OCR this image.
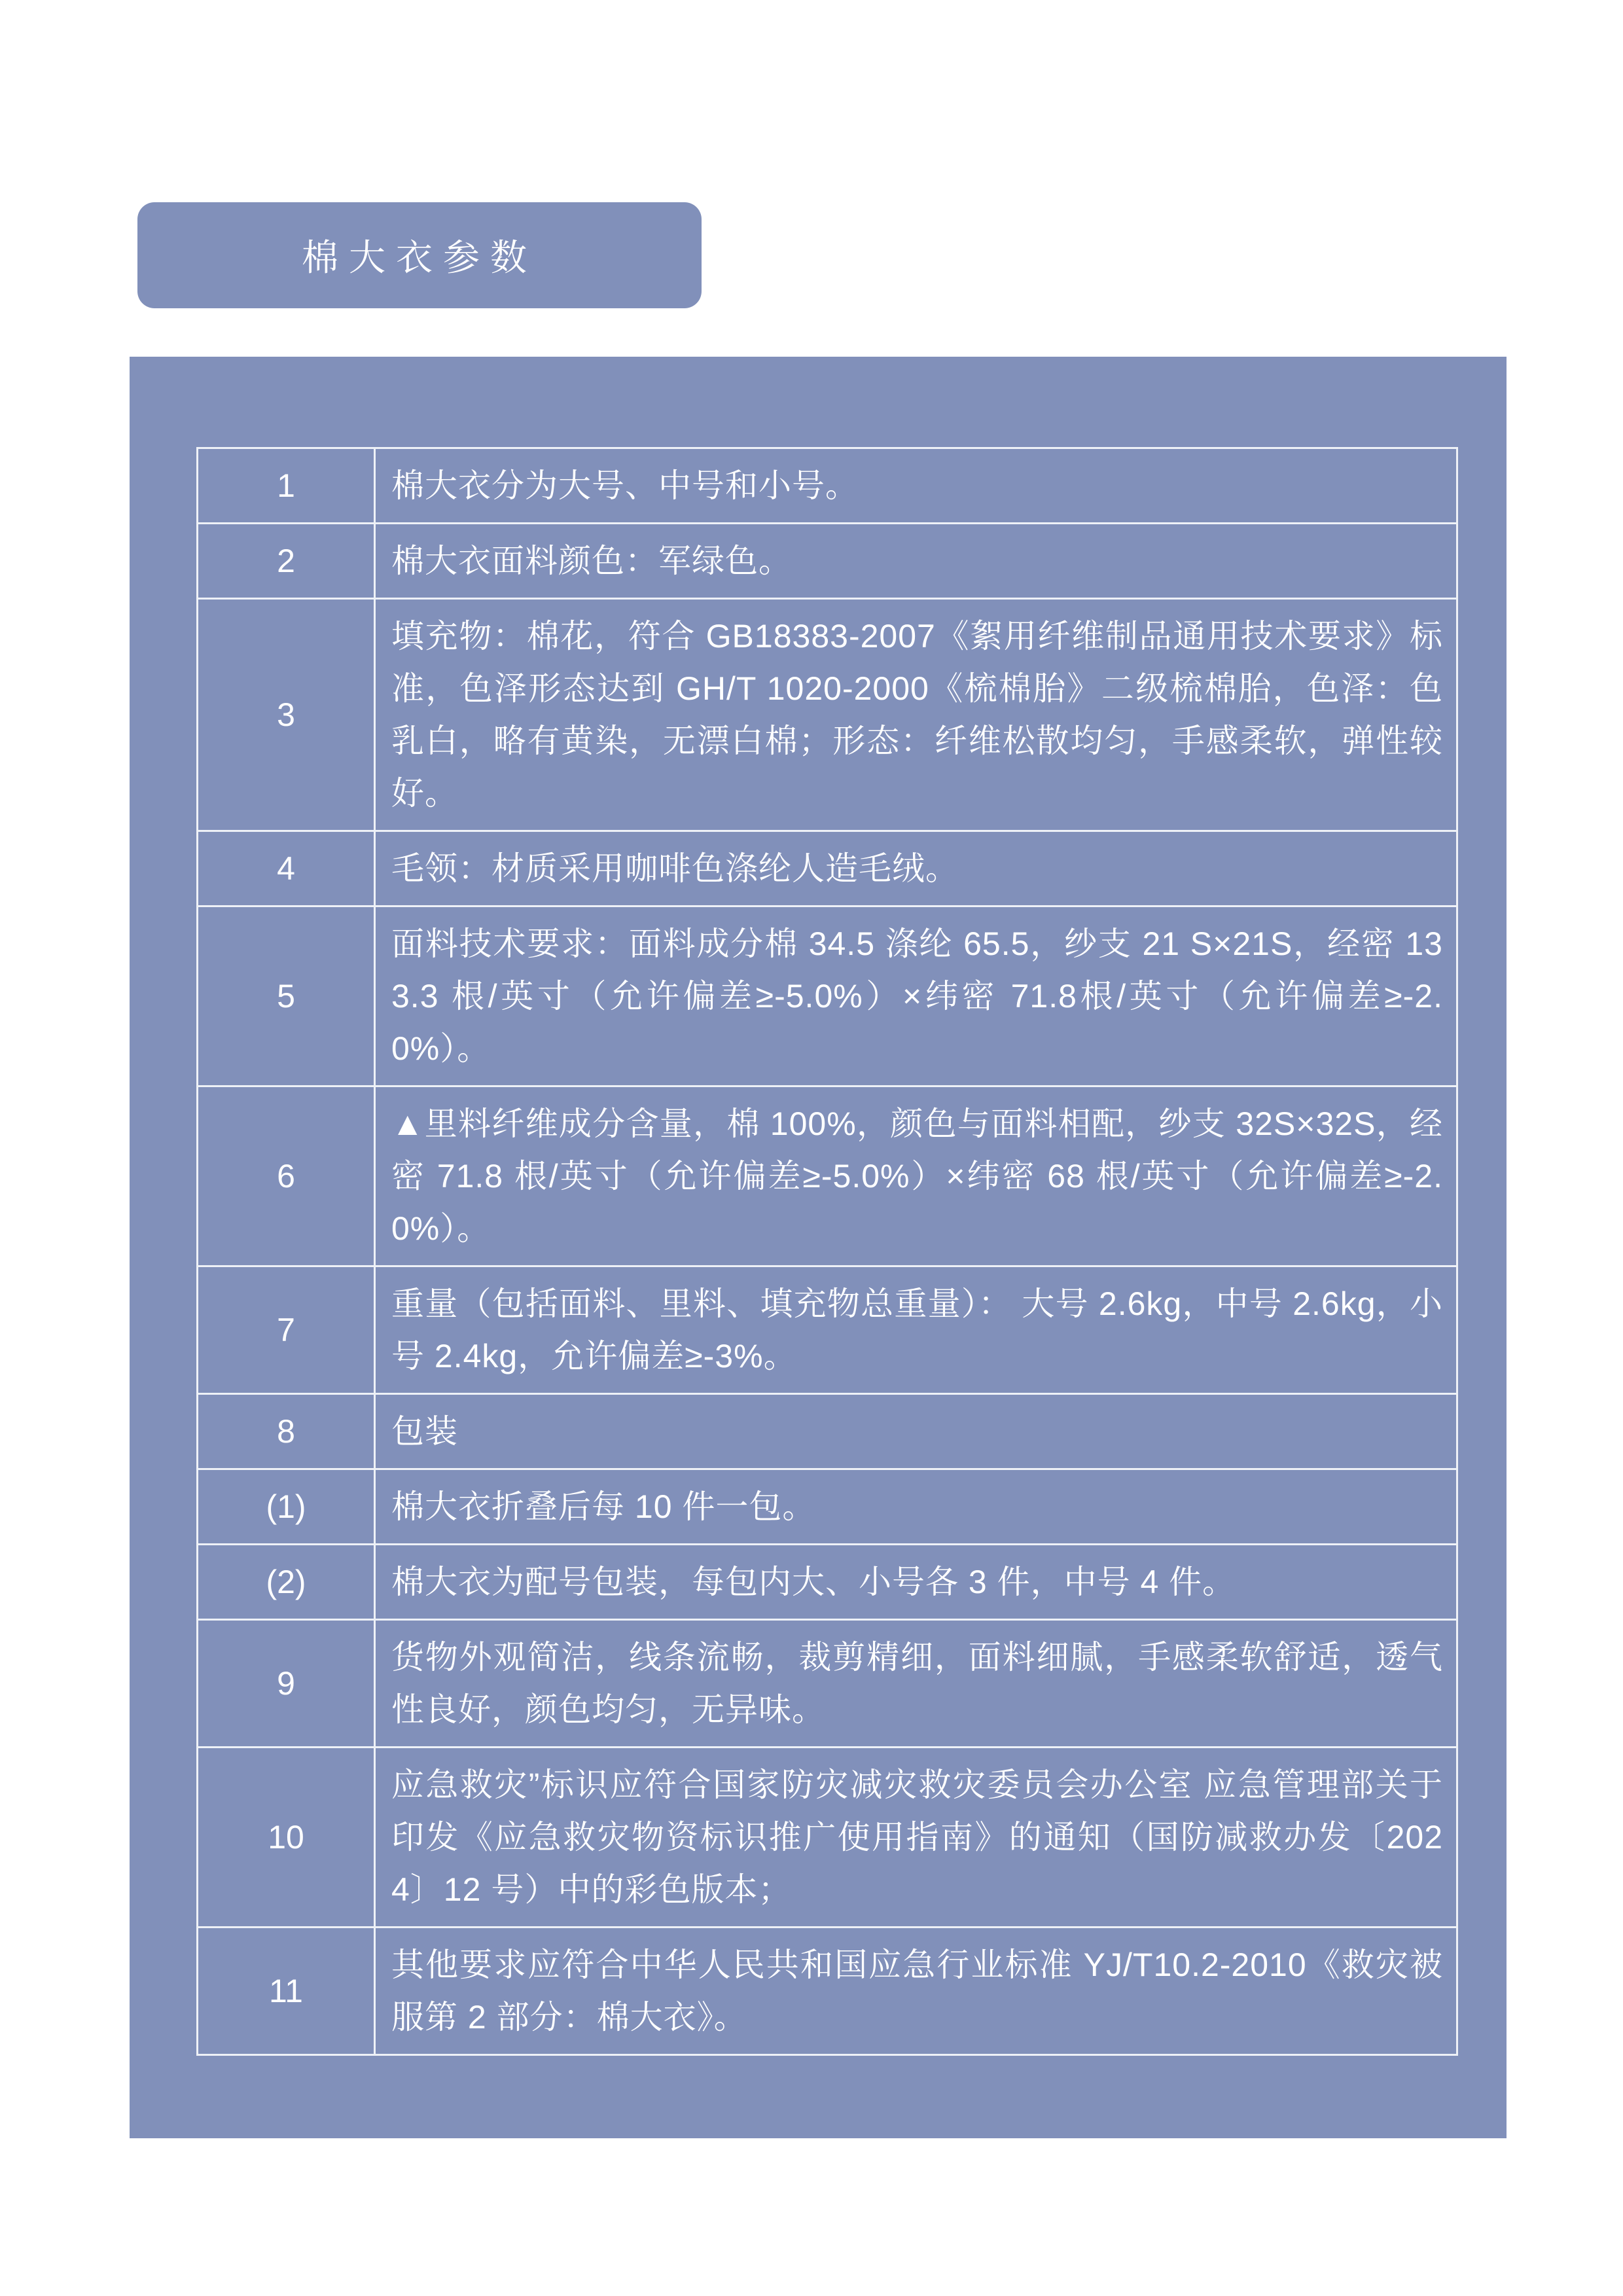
棉大衣参数
1	棉大衣分为大号、中号和小号。
2	棉大衣面料颜色：军绿色。
3	填充物：棉花，符合 GB18383-2007《絮用纤维制品通用技术要求》标准，色泽形态达到 GH/T 1020-2000《梳棉胎》二级梳棉胎，色泽：色乳白，略有黄染，无漂白棉；形态：纤维松散均匀，手感柔软，弹性较好。
4	毛领：材质采用咖啡色涤纶人造毛绒。
5	面料技术要求：面料成分棉 34.5 涤纶 65.5，纱支 21 S×21S，经密 133.3 根/英寸（允许偏差≥-5.0%）×纬密 71.8根/英寸（允许偏差≥-2.0%）。
6	▲里料纤维成分含量，棉 100%，颜色与面料相配，纱支 32S×32S，经密 71.8 根/英寸（允许偏差≥-5.0%）×纬密 68 根/英寸（允许偏差≥-2.0%）。
7	重量（包括面料、里料、填充物总重量）： 大号 2.6kg，中号 2.6kg，小号 2.4kg，允许偏差≥-3%。
8	包装
(1)	棉大衣折叠后每 10 件一包。
(2)	棉大衣为配号包装，每包内大、小号各 3 件，中号 4 件。
9	货物外观简洁，线条流畅，裁剪精细，面料细腻，手感柔软舒适，透气性良好，颜色均匀，无异味。
10	应急救灾”标识应符合国家防灾减灾救灾委员会办公室 应急管理部关于印发《应急救灾物资标识推广使用指南》的通知（国防减救办发〔2024〕12 号）中的彩色版本；
11	其他要求应符合中华人民共和国应急行业标准 YJ/T10.2-2010《救灾被服第 2 部分：棉大衣》。
